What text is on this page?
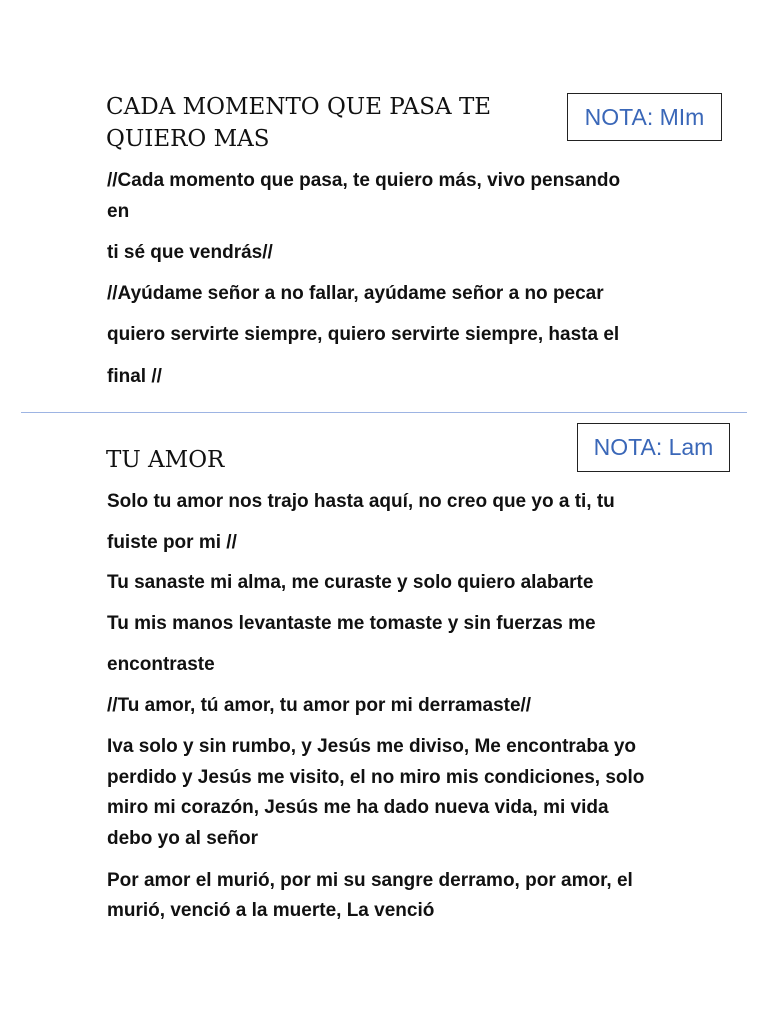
CADA MOMENTO QUE PASA TE
QUIERO MAS
NOTA: MIm

//Cada momento que pasa, te quiero más, vivo pensando

en

ti sé que vendrás//

//Ayúdame señor a no fallar, ayúdame señor a no pecar

quiero servirte siempre, quiero servirte siempre, hasta el

final //

TU AMOR	NOTA: Lam

Solo tu amor nos trajo hasta aquí, no creo que yo a ti, tu

fuiste por mi //

Tu sanaste mi alma, me curaste y solo quiero alabarte

Tu mis manos levantaste me tomaste y sin fuerzas me

encontraste

//Tu amor, tú amor, tu amor por mi derramaste//

Iva solo y sin rumbo, y Jesús me diviso, Me encontraba yo

perdido y Jesús me visito, el no miro mis condiciones, solo

miro mi corazón, Jesús me ha dado nueva vida, mi vida

debo yo al señor

Por amor el murió, por mi su sangre derramo, por amor, el

murió, venció a la muerte, La venció
